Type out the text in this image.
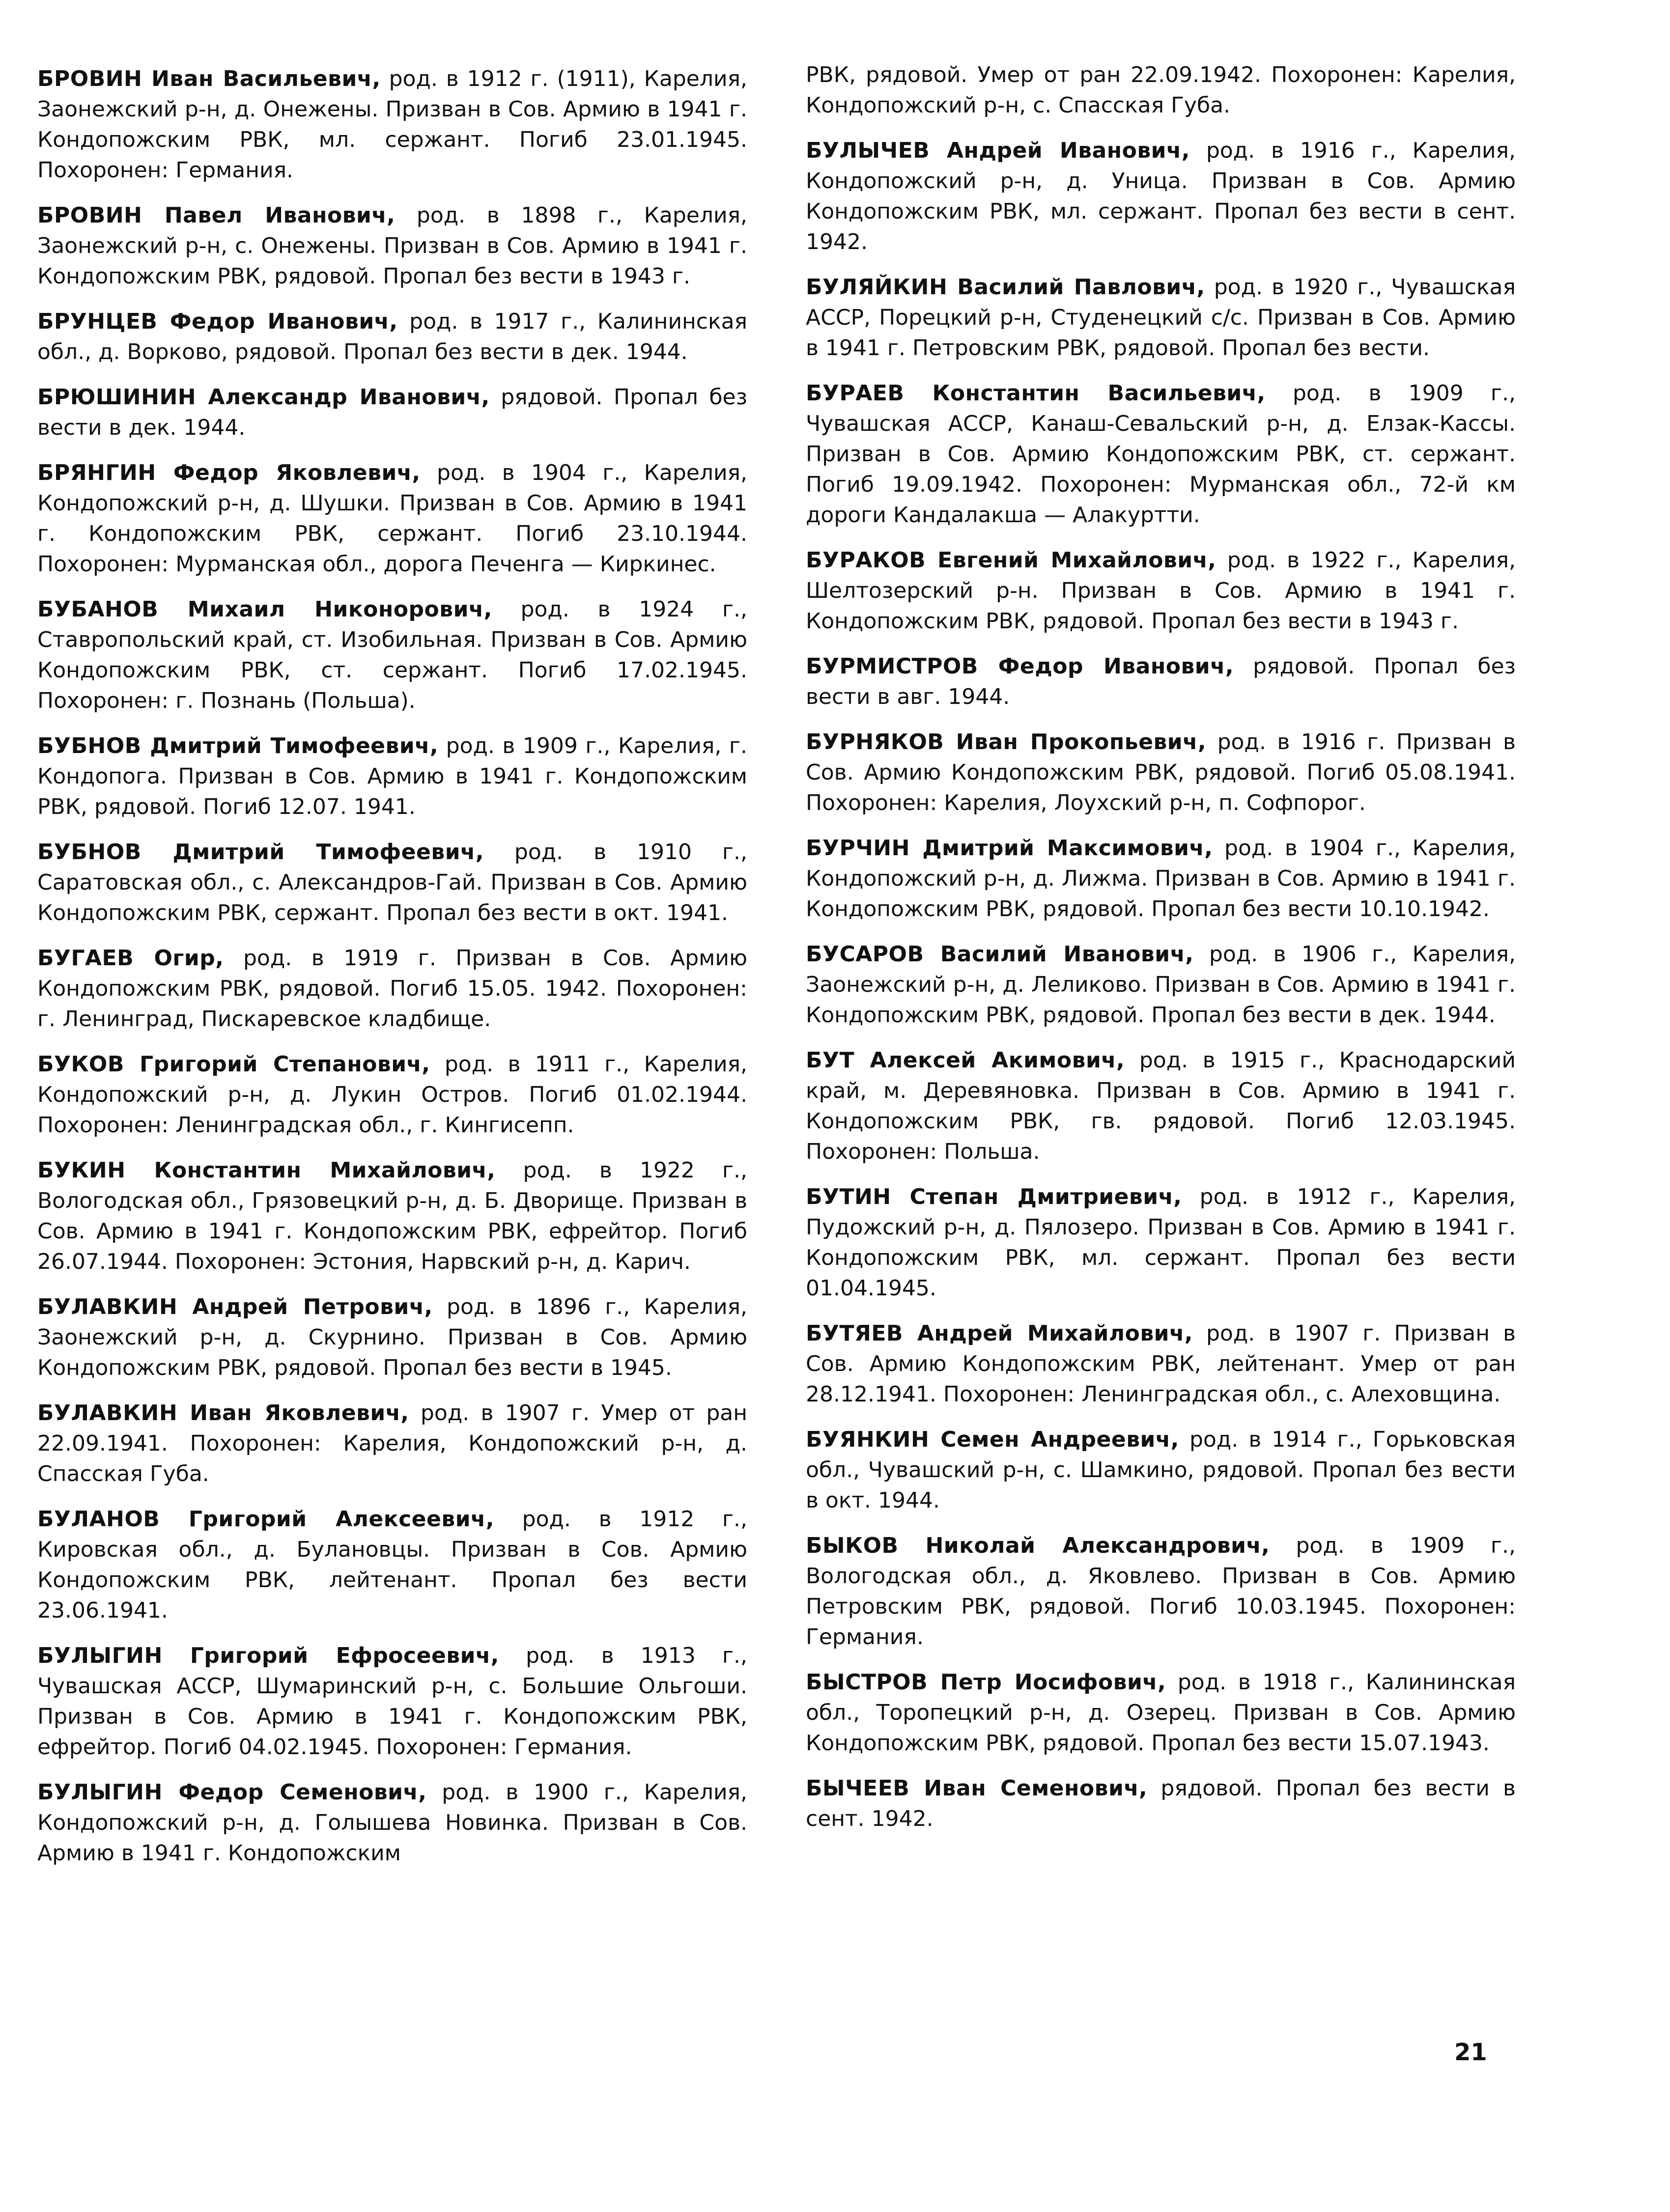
БРОВИН Иван Васильевич, род. в 1912 г. (1911), Карелия, Заонежский р-н, д. Онежены. Призван в Сов. Армию в 1941 г. Кондопожским РВК, мл. сержант. Погиб 23.01.1945. Похоронен: Германия.

БРОВИН Павел Иванович, род. в 1898 г., Карелия, Заонежский р-н, с. Онежены. Призван в Сов. Армию в 1941 г. Кондопожским РВК, рядовой. Пропал без вести в 1943 г.

БРУНЦЕВ Федор Иванович, род. в 1917 г., Калининская обл., д. Ворково, рядовой. Пропал без вести в дек. 1944.

БРЮШИНИН Александр Иванович, рядовой. Пропал без вести в дек. 1944.

БРЯНГИН Федор Яковлевич, род. в 1904 г., Карелия, Кондопожский р-н, д. Шушки. Призван в Сов. Армию в 1941 г. Кондопожским РВК, сержант. Погиб 23.10.1944. Похоронен: Мурманская обл., дорога Печенга — Киркинес.

БУБАНОВ Михаил Никонорович, род. в 1924 г., Ставропольский край, ст. Изобильная. Призван в Сов. Армию Кондопожским РВК, ст. сержант. Погиб 17.02.1945. Похоронен: г. Познань (Польша).

БУБНОВ Дмитрий Тимофеевич, род. в 1909 г., Карелия, г. Кондопога. Призван в Сов. Армию в 1941 г. Кондопожским РВК, рядовой. Погиб 12.07. 1941.

БУБНОВ Дмитрий Тимофеевич, род. в 1910 г., Саратовская обл., с. Александров-Гай. Призван в Сов. Армию Кондопожским РВК, сержант. Пропал без вести в окт. 1941.

БУГАЕВ Огир, род. в 1919 г. Призван в Сов. Армию Кондопожским РВК, рядовой. Погиб 15.05. 1942. Похоронен: г. Ленинград, Пискаревское кладбище.

БУКОВ Григорий Степанович, род. в 1911 г., Карелия, Кондопожский р-н, д. Лукин Остров. Погиб 01.02.1944. Похоронен: Ленинградская обл., г. Кингисепп.

БУКИН Константин Михайлович, род. в 1922 г., Вологодская обл., Грязовецкий р-н, д. Б. Дворище. Призван в Сов. Армию в 1941 г. Кондопожским РВК, ефрейтор. Погиб 26.07.1944. Похоронен: Эстония, Нарвский р-н, д. Карич.

БУЛАВКИН Андрей Петрович, род. в 1896 г., Карелия, Заонежский р-н, д. Скурнино. Призван в Сов. Армию Кондопожским РВК, рядовой. Пропал без вести в 1945.

БУЛАВКИН Иван Яковлевич, род. в 1907 г. Умер от ран 22.09.1941. Похоронен: Карелия, Кондопожский р-н, д. Спасская Губа.

БУЛАНОВ Григорий Алексеевич, род. в 1912 г., Кировская обл., д. Булановцы. Призван в Сов. Армию Кондопожским РВК, лейтенант. Пропал без вести 23.06.1941.

БУЛЫГИН Григорий Ефросеевич, род. в 1913 г., Чувашская АССР, Шумаринский р-н, с. Большие Ольгоши. Призван в Сов. Армию в 1941 г. Кондопожским РВК, ефрейтор. Погиб 04.02.1945. Похоронен: Германия.

БУЛЫГИН Федор Семенович, род. в 1900 г., Карелия, Кондопожский р-н, д. Голышева Новинка. Призван в Сов. Армию в 1941 г. Кондопожским

РВК, рядовой. Умер от ран 22.09.1942. Похоронен: Карелия, Кондопожский р-н, с. Спасская Губа.

БУЛЫЧЕВ Андрей Иванович, род. в 1916 г., Карелия, Кондопожский р-н, д. Уница. Призван в Сов. Армию Кондопожским РВК, мл. сержант. Пропал без вести в сент. 1942.

БУЛЯЙКИН Василий Павлович, род. в 1920 г., Чувашская АССР, Порецкий р-н, Студенецкий с/с. Призван в Сов. Армию в 1941 г. Петровским РВК, рядовой. Пропал без вести.

БУРАЕВ Константин Васильевич, род. в 1909 г., Чувашская АССР, Канаш-Севальский р-н, д. Елзак-Кассы. Призван в Сов. Армию Кондопожским РВК, ст. сержант. Погиб 19.09.1942. Похоронен: Мурманская обл., 72-й км дороги Кандалакша — Алакуртти.

БУРАКОВ Евгений Михайлович, род. в 1922 г., Карелия, Шелтозерский р-н. Призван в Сов. Армию в 1941 г. Кондопожским РВК, рядовой. Пропал без вести в 1943 г.

БУРМИСТРОВ Федор Иванович, рядовой. Пропал без вести в авг. 1944.

БУРНЯКОВ Иван Прокопьевич, род. в 1916 г. Призван в Сов. Армию Кондопожским РВК, рядовой. Погиб 05.08.1941. Похоронен: Карелия, Лоухский р-н, п. Софпорог.

БУРЧИН Дмитрий Максимович, род. в 1904 г., Карелия, Кондопожский р-н, д. Лижма. Призван в Сов. Армию в 1941 г. Кондопожским РВК, рядовой. Пропал без вести 10.10.1942.

БУСАРОВ Василий Иванович, род. в 1906 г., Карелия, Заонежский р-н, д. Леликово. Призван в Сов. Армию в 1941 г. Кондопожским РВК, рядовой. Пропал без вести в дек. 1944.

БУТ Алексей Акимович, род. в 1915 г., Краснодарский край, м. Деревяновка. Призван в Сов. Армию в 1941 г. Кондопожским РВК, гв. рядовой. Погиб 12.03.1945. Похоронен: Польша.

БУТИН Степан Дмитриевич, род. в 1912 г., Карелия, Пудожский р-н, д. Пялозеро. Призван в Сов. Армию в 1941 г. Кондопожским РВК, мл. сержант. Пропал без вести 01.04.1945.

БУТЯЕВ Андрей Михайлович, род. в 1907 г. Призван в Сов. Армию Кондопожским РВК, лейтенант. Умер от ран 28.12.1941. Похоронен: Ленинградская обл., с. Алеховщина.

БУЯНКИН Семен Андреевич, род. в 1914 г., Горьковская обл., Чувашский р-н, с. Шамкино, рядовой. Пропал без вести в окт. 1944.

БЫКОВ Николай Александрович, род. в 1909 г., Вологодская обл., д. Яковлево. Призван в Сов. Армию Петровским РВК, рядовой. Погиб 10.03.1945. Похоронен: Германия.

БЫСТРОВ Петр Иосифович, род. в 1918 г., Калининская обл., Торопецкий р-н, д. Озерец. Призван в Сов. Армию Кондопожским РВК, рядовой. Пропал без вести 15.07.1943.

БЫЧЕЕВ Иван Семенович, рядовой. Пропал без вести в сент. 1942.

21
